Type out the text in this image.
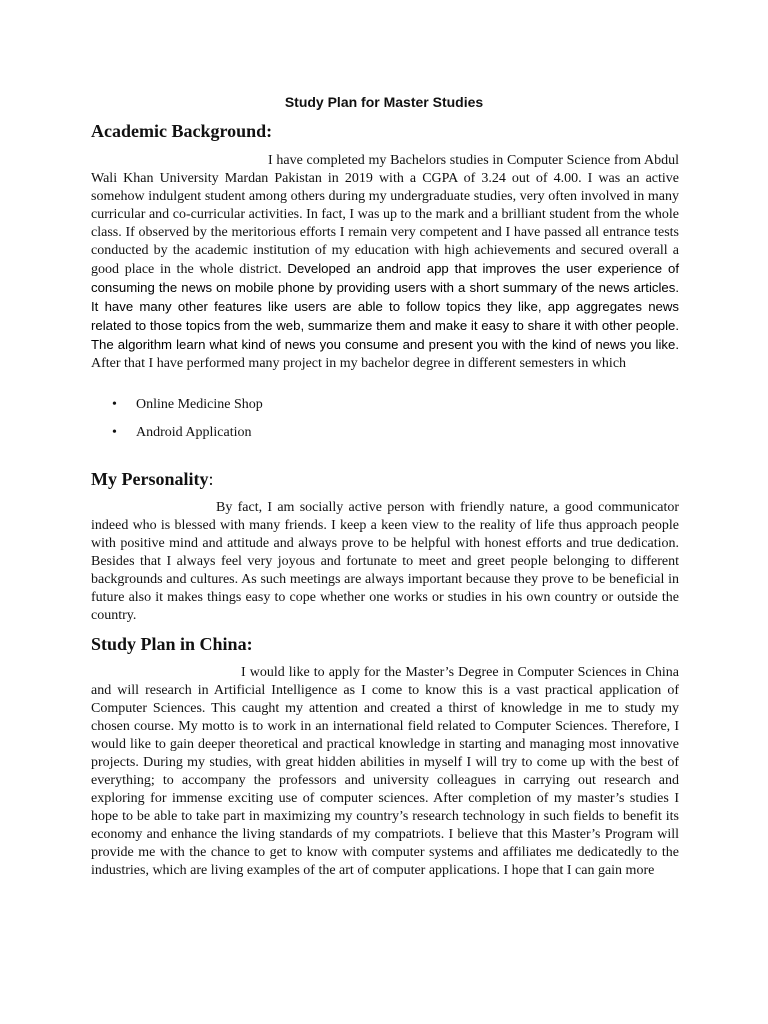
Study Plan for Master Studies
Academic Background:

I have completed my Bachelors studies in Computer Science from Abdul Wali Khan University Mardan Pakistan in 2019 with a CGPA of 3.24 out of 4.00. I was an active somehow indulgent student among others during my undergraduate studies, very often involved in many curricular and co-curricular activities. In fact, I was up to the mark and a brilliant student from the whole class. If observed by the meritorious efforts I remain very competent and I have passed all entrance tests conducted by the academic institution of my education with high achievements and secured overall a good place in the whole district. Developed an android app that improves the user experience of consuming the news on mobile phone by providing users with a short summary of the news articles. It have many other features like users are able to follow topics they like, app aggregates news related to those topics from the web, summarize them and make it easy to share it with other people. The algorithm learn what kind of news you consume and present you with the kind of news you like. After that I have performed many project in my bachelor degree in different semesters in which

• Online Medicine Shop
• Android Application
My Personality:

By fact, I am socially active person with friendly nature, a good communicator indeed who is blessed with many friends. I keep a keen view to the reality of life thus approach people with positive mind and attitude and always prove to be helpful with honest efforts and true dedication. Besides that I always feel very joyous and fortunate to meet and greet people belonging to different backgrounds and cultures. As such meetings are always important because they prove to be beneficial in future also it makes things easy to cope whether one works or studies in his own country or outside the country.

Study Plan in China:

I would like to apply for the Master’s Degree in Computer Sciences in China and will research in Artificial Intelligence as I come to know this is a vast practical application of Computer Sciences. This caught my attention and created a thirst of knowledge in me to study my chosen course. My motto is to work in an international field related to Computer Sciences. Therefore, I would like to gain deeper theoretical and practical knowledge in starting and managing most innovative projects. During my studies, with great hidden abilities in myself I will try to come up with the best of everything; to accompany the professors and university colleagues in carrying out research and exploring for immense exciting use of computer sciences. After completion of my master’s studies I hope to be able to take part in maximizing my country’s research technology in such fields to benefit its economy and enhance the living standards of my compatriots. I believe that this Master’s Program will provide me with the chance to get to know with computer systems and affiliates me dedicatedly to the industries, which are living examples of the art of computer applications. I hope that I can gain more
